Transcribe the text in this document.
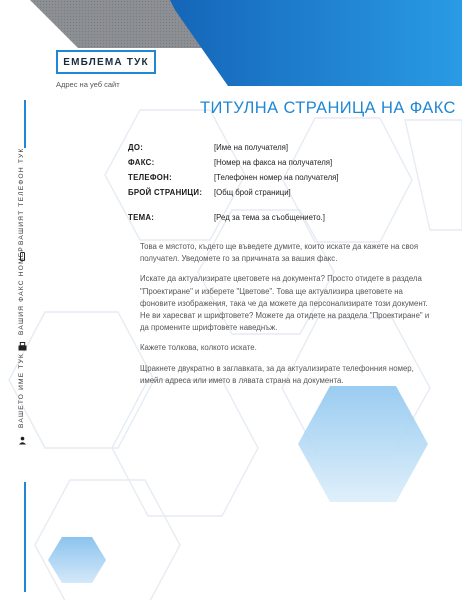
ЕМБЛЕМА ТУК
Адрес на уеб сайт
ВАШИЯТ ТЕЛЕФОН ТУК
ВАШИЯ ФАКС НОМЕР
ВАШЕТО ИМЕ ТУК
ТИТУЛНА СТРАНИЦА НА ФАКС
ДО:	[Име на получателя]
ФАКС:	[Номер на факса на получателя]
ТЕЛЕФОН:	[Телефонен номер на получателя]
БРОЙ СТРАНИЦИ:	[Общ брой страници]
ТЕМА:	[Ред за тема за съобщението.]

Това е мястото, където ще въведете думите, които искате да кажете на своя получател. Уведомете го за причината за вашия факс.

Искате да актуализирате цветовете на документа? Просто отидете в раздела "Проектиране" и изберете "Цветове". Това ще актуализира цветовете на фоновите изображения, така че да можете да персонализирате този документ. Не ви харесват и шрифтовете? Можете да отидете на раздела "Проектиране" и да промените шрифтовете наведнъж.

Кажете толкова, колкото искате.

Щракнете двукратно в заглавката, за да актуализирате телефонния номер, имейл адреса или името в лявата страна на документа.
